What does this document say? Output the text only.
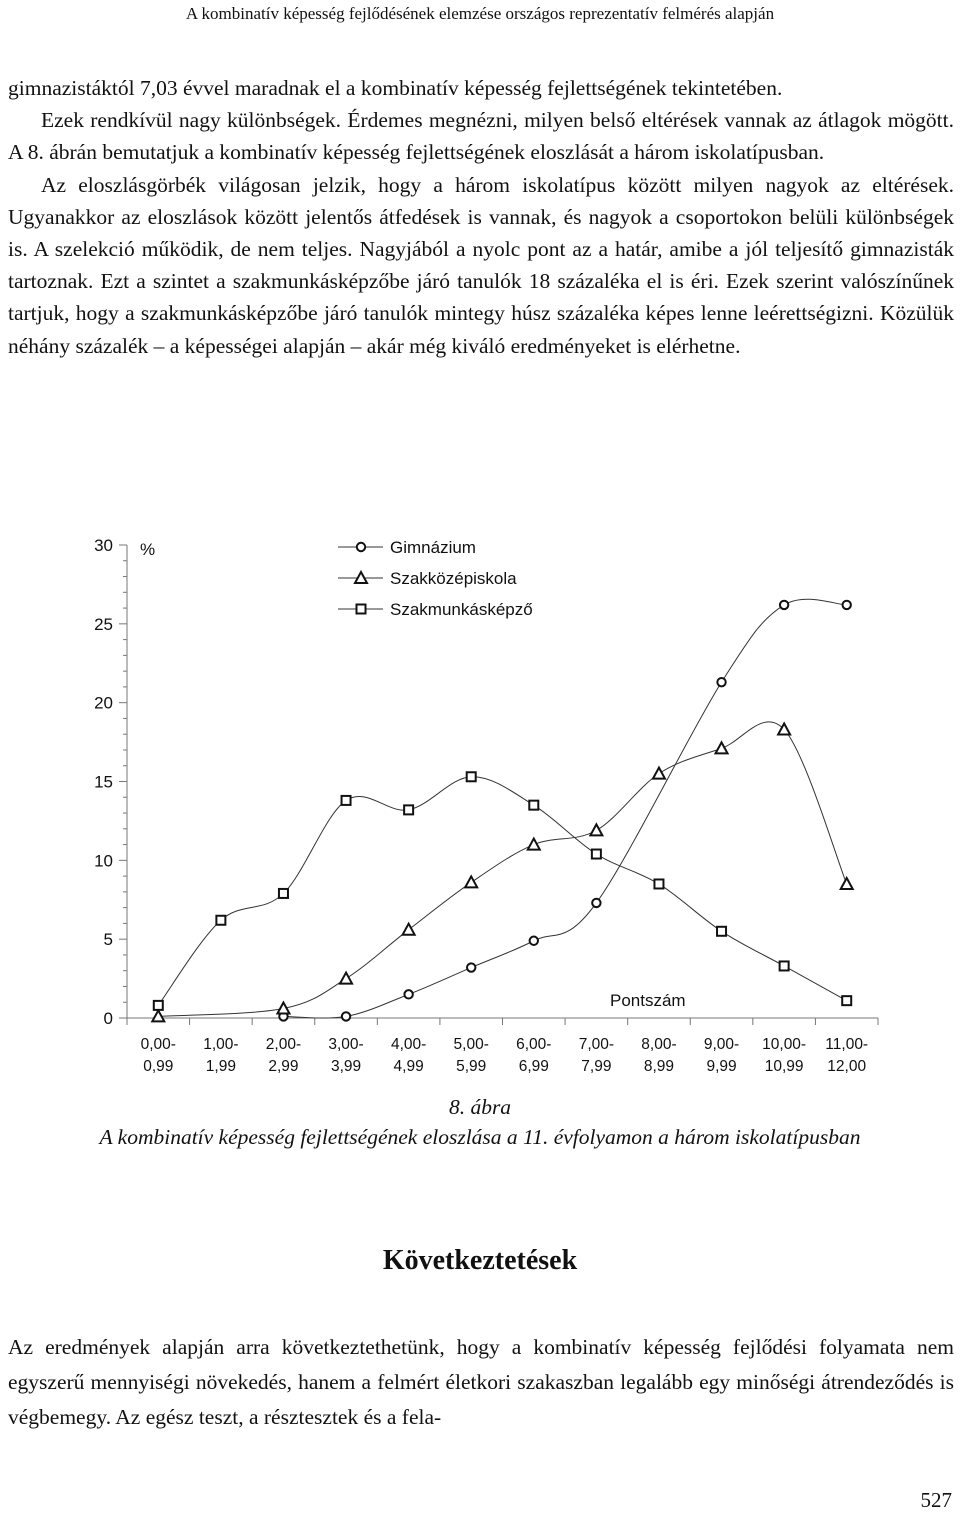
A kombinatív képesség fejlődésének elemzése országos reprezentatív felmérés alapján

gimnazistáktól 7,03 évvel maradnak el a kombinatív képesség fejlettségének tekintetében.

Ezek rendkívül nagy különbségek. Érdemes megnézni, milyen belső eltérések vannak az átlagok mögött. A 8. ábrán bemutatjuk a kombinatív képesség fejlettségének eloszlását a három iskolatípusban.

Az eloszlásgörbék világosan jelzik, hogy a három iskolatípus között milyen nagyok az eltérések. Ugyanakkor az eloszlások között jelentős átfedések is vannak, és nagyok a csoportokon belüli különbségek is. A szelekció működik, de nem teljes. Nagyjából a nyolc pont az a határ, amibe a jól teljesítő gimnazisták tartoznak. Ezt a szintet a szakmunkásképzőbe járó tanulók 18 százaléka el is éri. Ezek szerint valószínűnek tartjuk, hogy a szakmunkásképzőbe járó tanulók mintegy húsz százaléka képes lenne leérettségizni. Közülük néhány százalék – a képességei alapján – akár még kiváló eredményeket is elérhetne.

0
5
10
15
20
25
30
0,00-
0,99
1,00-
1,99
2,00-
2,99
3,00-
3,99
4,00-
4,99
5,00-
5,99
6,00-
6,99
7,00-
7,99
8,00-
8,99
9,00-
9,99
10,00-
10,99
11,00-
12,00
Gimnázium
Szakközépiskola
Szakmunkásképző
%
Pontszám
8. ábra
A kombinatív képesség fejlettségének eloszlása a 11. évfolyamon a három iskolatípusban
Következtetések

Az eredmények alapján arra következtethetünk, hogy a kombinatív képesség fejlődési folyamata nem egyszerű mennyiségi növekedés, hanem a felmért életkori szakaszban legalább egy minőségi átrendeződés is végbemegy. Az egész teszt, a résztesztek és a fela-

527
